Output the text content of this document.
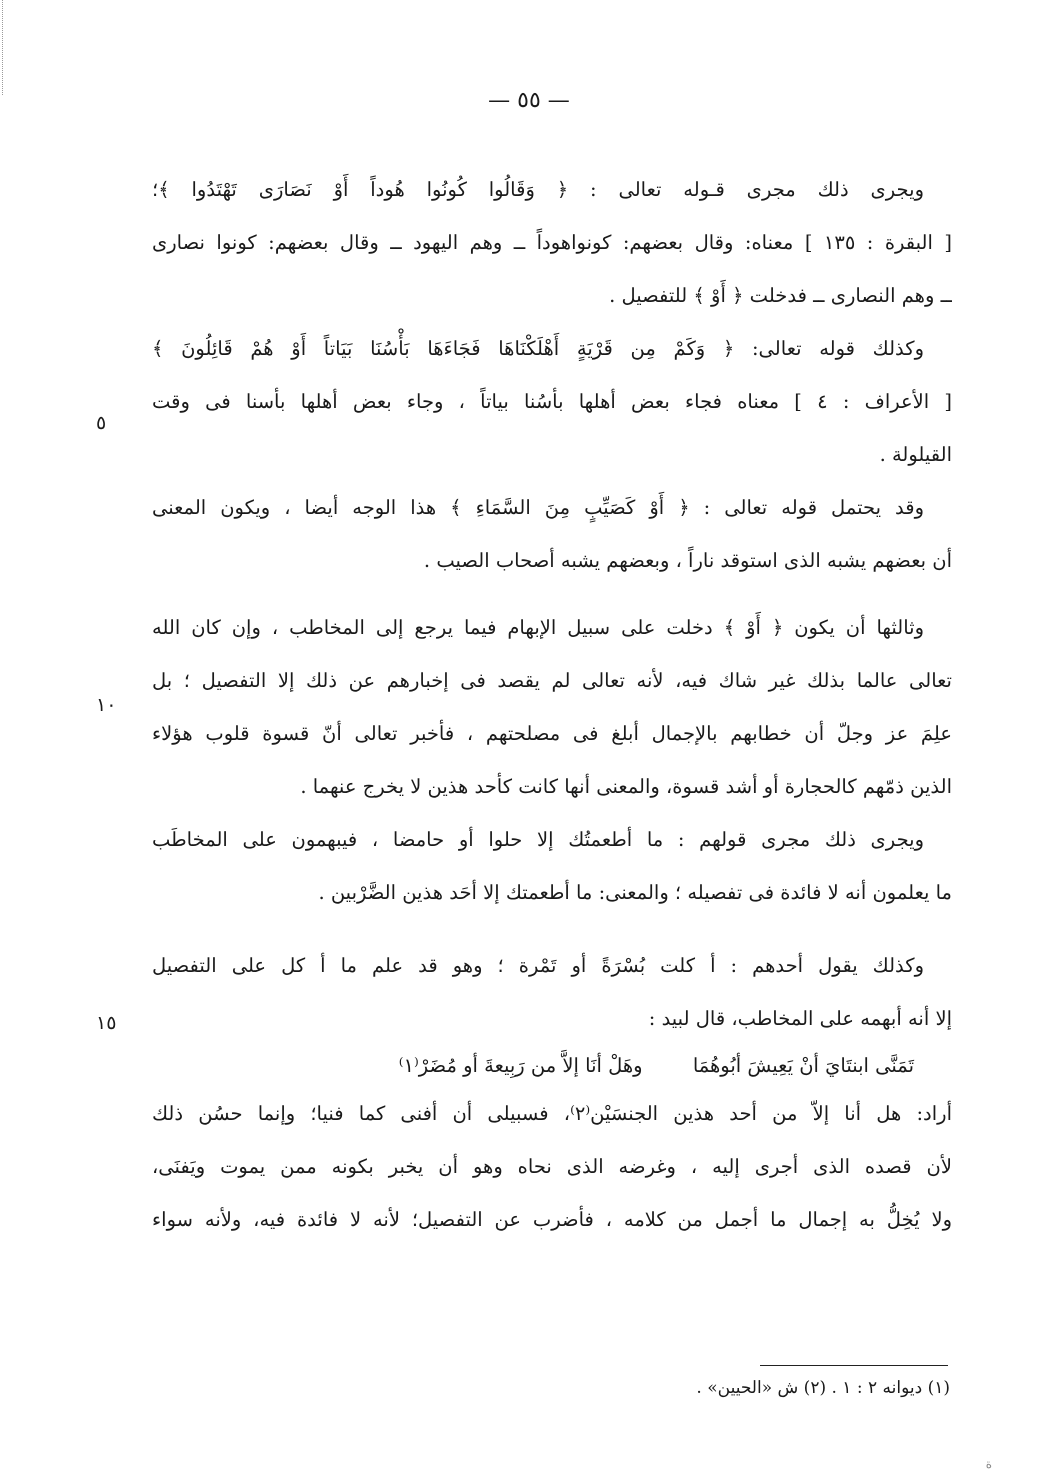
— ٥٥ —
٥
١٠
١٥
ويجرى ذلك مجرى قـوله تعالى : ﴿ وَقَالُوا كُونُوا هُوداً أَوْ نَصَارَى تَهْتَدُوا ﴾؛
[ البقرة : ١٣٥ ] معناه: وقال بعضهم: كونواهوداً ــ وهم اليهود ــ وقال بعضهم: كونوا نصارى
ــ وهم النصارى ــ فدخلت ﴿ أَوْ ﴾ للتفصيل .
وكذلك قوله تعالى: ﴿ وَكَمْ مِن قَرْيَةٍ أَهْلَكْنَاهَا فَجَاءَهَا بَأْسُنَا بَيَاتاً أَوْ هُمْ قَائِلُونَ ﴾
[ الأعراف : ٤ ] معناه فجاء بعض أهلها بأسُنا بياتاً ، وجاء بعض أهلها بأسنا فى وقت
القيلولة .
وقد يحتمل قوله تعالى : ﴿ أَوْ كَصَيِّبٍ مِنَ السَّمَاءِ ﴾ هذا الوجه أيضا ، ويكون المعنى
أن بعضهم يشبه الذى استوقد ناراً ، وبعضهم يشبه أصحاب الصيب .
وثالثها أن يكون ﴿ أَوْ ﴾ دخلت على سبيل الإبهام فيما يرجع إلى المخاطب ، وإن كان الله
تعالى عالما بذلك غير شاك فيه، لأنه تعالى لم يقصد فى إخبارهم عن ذلك إلا التفصيل ؛ بل
علِمَ عز وجلّ أن خطابهم بالإجمال أبلغ فى مصلحتهم ، فأخبر تعالى أنّ قسوة قلوب هؤلاء
الذين ذمّهم كالحجارة أو أشد قسوة، والمعنى أنها كانت كأحد هذين لا يخرج عنهما .
ويجرى ذلك مجرى قولهم : ما أطعمتُك إلا حلوا أو حامضا ، فيبهمون على المخاطَب
ما يعلمون أنه لا فائدة فى تفصيله ؛ والمعنى: ما أطعمتك إلا أحَد هذين الضَّرْبين .
وكذلك يقول أحدهم : أ كلت بُسْرَةً أو تَمْرة ؛ وهو قد علم ما أ كل على التفصيل
إلا أنه أبهمه على المخاطب، قال لبيد :
تَمَنَّى ابنتَايَ أنْ يَعِيشَ أبُوهُمَا وهَلْ أنَا إلاَّ من رَبِيعةَ أو مُضَرْ⁽١⁾
أراد: هل أنا إلاّ من أحد هذين الجنسَيْن⁽٢⁾، فسبيلى أن أفنى كما فنيا؛ وإنما حسُن ذلك
لأن قصده الذى أجرى إليه ، وغرضه الذى نحاه وهو أن يخبر بكونه ممن يموت ويَفنَى،
ولا يُخِلُّ به إجمال ما أجمل من كلامه ، فأضرب عن التفصيل؛ لأنه لا فائدة فيه، ولأنه سواء
(١) ديوانه ٢ : ١ . (٢) ش «الحيين» .
ة
